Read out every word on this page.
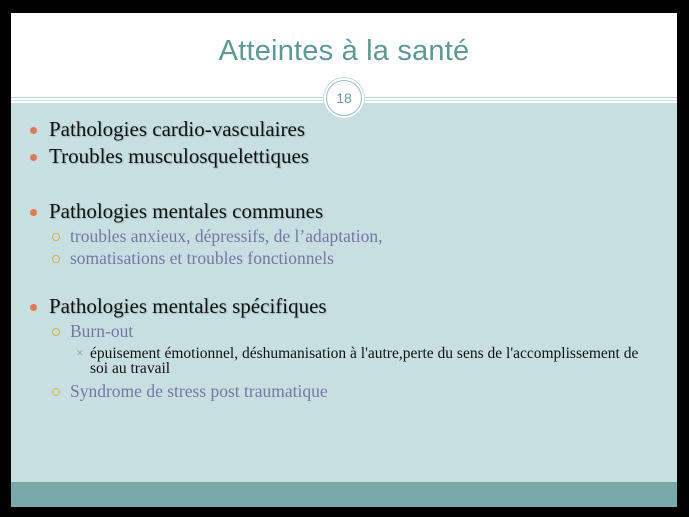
Atteintes à la santé
18
Pathologies cardio-vasculaires
Troubles musculosquelettiques
Pathologies mentales communes
troubles anxieux, dépressifs, de l’adaptation,
somatisations et troubles fonctionnels
Pathologies mentales spécifiques
Burn-out
✕ épuisement émotionnel, déshumanisation à l'autre,perte du sens de l'accomplissement de soi au travail
Syndrome de stress post traumatique
